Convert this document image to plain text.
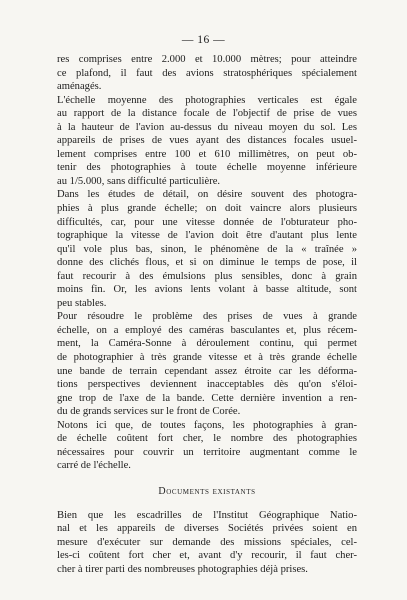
— 16 —

res comprises entre 2.000 et 10.000 mètres; pour atteindre
ce plafond, il faut des avions stratosphériques spécialement
aménagés.

L'échelle moyenne des photographies verticales est égale
au rapport de la distance focale de l'objectif de prise de vues
à la hauteur de l'avion au-dessus du niveau moyen du sol. Les
appareils de prises de vues ayant des distances focales usuel-
lement comprises entre 100 et 610 millimètres, on peut ob-
tenir des photographies à toute échelle moyenne inférieure
au 1/5.000, sans difficulté particulière.

Dans les études de détail, on désire souvent des photogra-
phies à plus grande échelle; on doit vaincre alors plusieurs
difficultés, car, pour une vitesse donnée de l'obturateur pho-
tographique la vitesse de l'avion doit être d'autant plus lente
qu'il vole plus bas, sinon, le phénomène de la « traînée »
donne des clichés flous, et si on diminue le temps de pose, il
faut recourir à des émulsions plus sensibles, donc à grain
moins fin. Or, les avions lents volant à basse altitude, sont
peu stables.

Pour résoudre le problème des prises de vues à grande
échelle, on a employé des caméras basculantes et, plus récem-
ment, la Caméra-Sonne à déroulement continu, qui permet
de photographier à très grande vitesse et à très grande échelle
une bande de terrain cependant assez étroite car les déforma-
tions perspectives deviennent inacceptables dès qu'on s'éloi-
gne trop de l'axe de la bande. Cette dernière invention a ren-
du de grands services sur le front de Corée.

Notons ici que, de toutes façons, les photographies à gran-
de échelle coûtent fort cher, le nombre des photographies
nécessaires pour couvrir un territoire augmentant comme le
carré de l'échelle.

Documents existants

Bien que les escadrilles de l'Institut Géographique Natio-
nal et les appareils de diverses Sociétés privées soient en
mesure d'exécuter sur demande des missions spéciales, cel-
les-ci coûtent fort cher et, avant d'y recourir, il faut cher-
cher à tirer parti des nombreuses photographies déjà prises.
